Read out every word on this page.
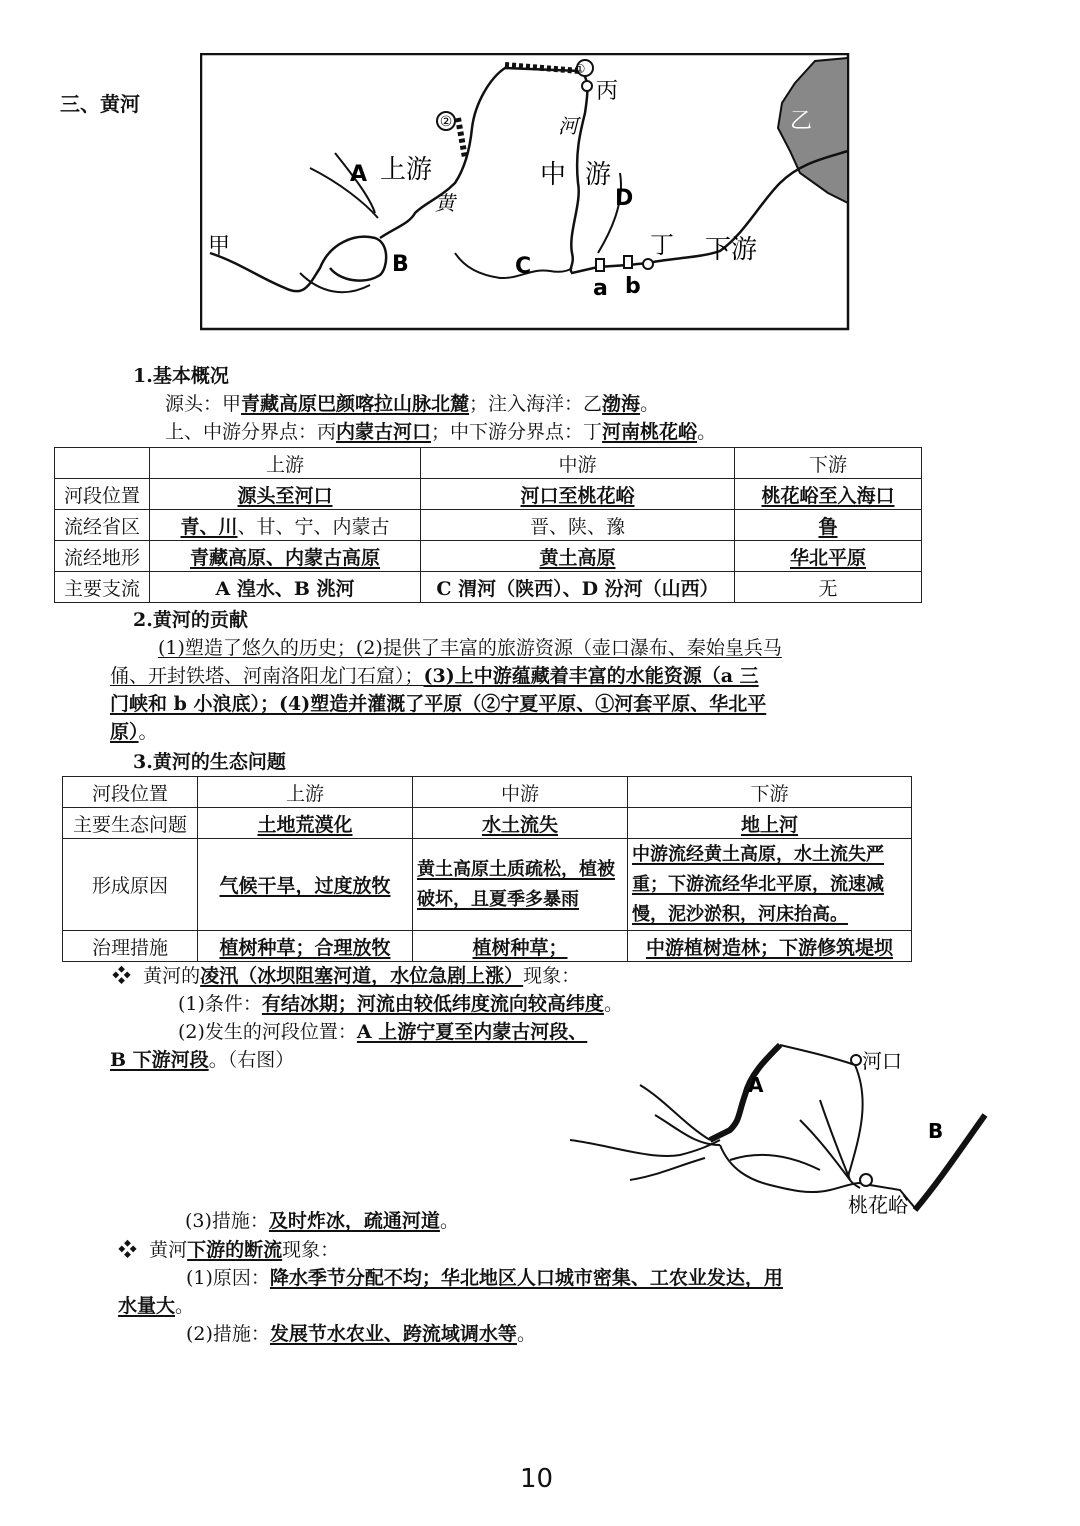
三、黄河
①
②
丙
乙
甲
A 上游
黄
河
中 游
D
B	C
a b
丁 下游
1.基本概况
源头：甲青藏高原巴颜喀拉山脉北麓；注入海洋：乙渤海。
上、中游分界点：丙内蒙古河口；中下游分界点：丁河南桃花峪。
	上游	中游	下游
河段位置	源头至河口	河口至桃花峪	桃花峪至入海口
流经省区	青、川、甘、宁、内蒙古	晋、陕、豫	鲁
流经地形	青藏高原、内蒙古高原	黄土高原	华北平原
主要支流	A 湟水、B 洮河	C 渭河（陕西）、D 汾河（山西）	无
2.黄河的贡献
(1)塑造了悠久的历史；(2)提供了丰富的旅游资源（壶口瀑布、秦始皇兵马
俑、开封铁塔、河南洛阳龙门石窟）；(3)上中游蕴藏着丰富的水能资源（a 三
门峡和 b 小浪底）；(4)塑造并灌溉了平原（②宁夏平原、①河套平原、华北平
原）。
3.黄河的生态问题
河段位置	上游	中游	下游
主要生态问题	土地荒漠化	水土流失	地上河
形成原因	气候干旱，过度放牧	黄土高原土质疏松，植被破坏，且夏季多暴雨	中游流经黄土高原，水土流失严重；下游流经华北平原，流速减慢，泥沙淤积，河床抬高。
治理措施	植树种草；合理放牧	植树种草；	中游植树造林；下游修筑堤坝
❖ 黄河的凌汛（冰坝阻塞河道，水位急剧上涨）现象：
(1)条件：有结冰期；河流由较低纬度流向较高纬度。
(2)发生的河段位置：A 上游宁夏至内蒙古河段、
B 下游河段。（右图）
A
B
河口
桃花峪
(3)措施：及时炸冰，疏通河道。
❖ 黄河下游的断流现象：
(1)原因：降水季节分配不均；华北地区人口城市密集、工农业发达，用
水量大。
(2)措施：发展节水农业、跨流域调水等。
10
